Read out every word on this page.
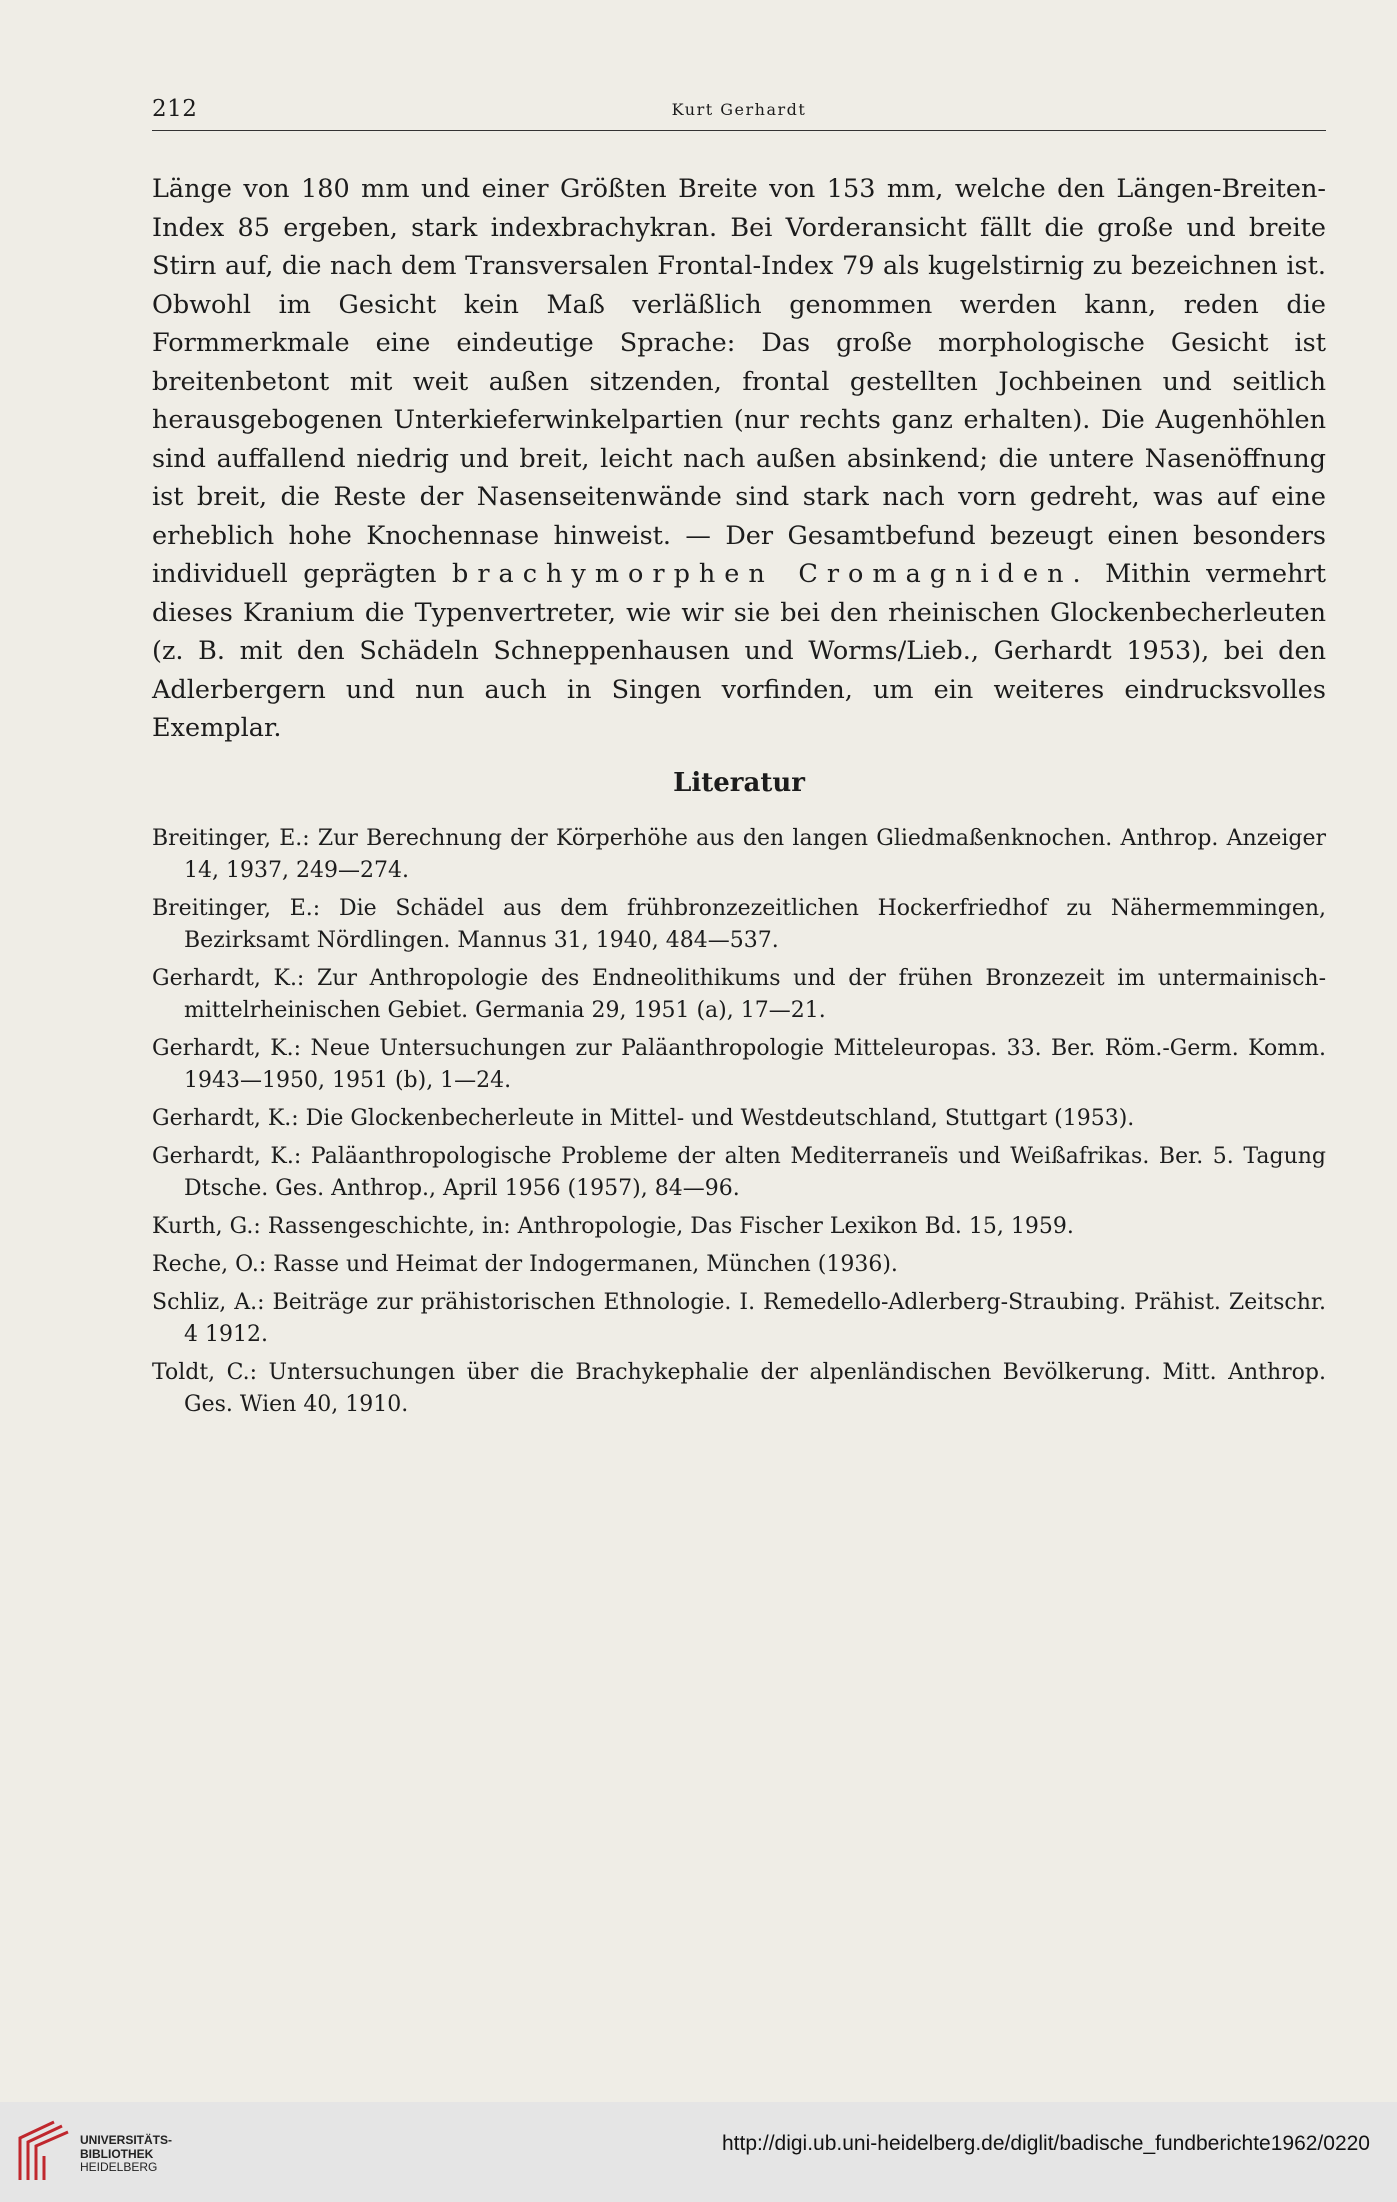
212	Kurt Gerhardt

Länge von 180 mm und einer Größten Breite von 153 mm, welche den Längen-Breiten-Index 85 ergeben, stark indexbrachykran. Bei Vorderansicht fällt die große und breite Stirn auf, die nach dem Transversalen Frontal-Index 79 als kugelstirnig zu bezeichnen ist. Obwohl im Gesicht kein Maß verläßlich genommen werden kann, reden die Formmerkmale eine eindeutige Sprache: Das große morphologische Gesicht ist breitenbetont mit weit außen sitzenden, frontal gestellten Jochbeinen und seitlich herausgebogenen Unterkieferwinkelpartien (nur rechts ganz erhalten). Die Augenhöhlen sind auffallend niedrig und breit, leicht nach außen absinkend; die untere Nasenöffnung ist breit, die Reste der Nasenseitenwände sind stark nach vorn gedreht, was auf eine erheblich hohe Knochennase hinweist. — Der Gesamtbefund bezeugt einen besonders individuell geprägten brachymorphen Cromagniden. Mithin vermehrt dieses Kranium die Typenvertreter, wie wir sie bei den rheinischen Glockenbecherleuten (z. B. mit den Schädeln Schneppenhausen und Worms/Lieb., Gerhardt 1953), bei den Adlerbergern und nun auch in Singen vorfinden, um ein weiteres eindrucksvolles Exemplar.

Literatur
Breitinger, E.: Zur Berechnung der Körperhöhe aus den langen Gliedmaßenknochen. Anthrop. Anzeiger 14, 1937, 249—274.
Breitinger, E.: Die Schädel aus dem frühbronzezeitlichen Hockerfriedhof zu Nähermemmingen, Bezirksamt Nördlingen. Mannus 31, 1940, 484—537.
Gerhardt, K.: Zur Anthropologie des Endneolithikums und der frühen Bronzezeit im untermainisch-mittelrheinischen Gebiet. Germania 29, 1951 (a), 17—21.
Gerhardt, K.: Neue Untersuchungen zur Paläanthropologie Mitteleuropas. 33. Ber. Röm.-Germ. Komm. 1943—1950, 1951 (b), 1—24.
Gerhardt, K.: Die Glockenbecherleute in Mittel- und Westdeutschland, Stuttgart (1953).
Gerhardt, K.: Paläanthropologische Probleme der alten Mediterraneïs und Weißafrikas. Ber. 5. Tagung Dtsche. Ges. Anthrop., April 1956 (1957), 84—96.
Kurth, G.: Rassengeschichte, in: Anthropologie, Das Fischer Lexikon Bd. 15, 1959.
Reche, O.: Rasse und Heimat der Indogermanen, München (1936).
Schliz, A.: Beiträge zur prähistorischen Ethnologie. I. Remedello-Adlerberg-Straubing. Prähist. Zeitschr. 4 1912.
Toldt, C.: Untersuchungen über die Brachykephalie der alpenländischen Bevölkerung. Mitt. Anthrop. Ges. Wien 40, 1910.
UNIVERSITÄTS-
BIBLIOTHEK
HEIDELBERG
http://digi.ub.uni-heidelberg.de/diglit/badische_fundberichte1962/0220
